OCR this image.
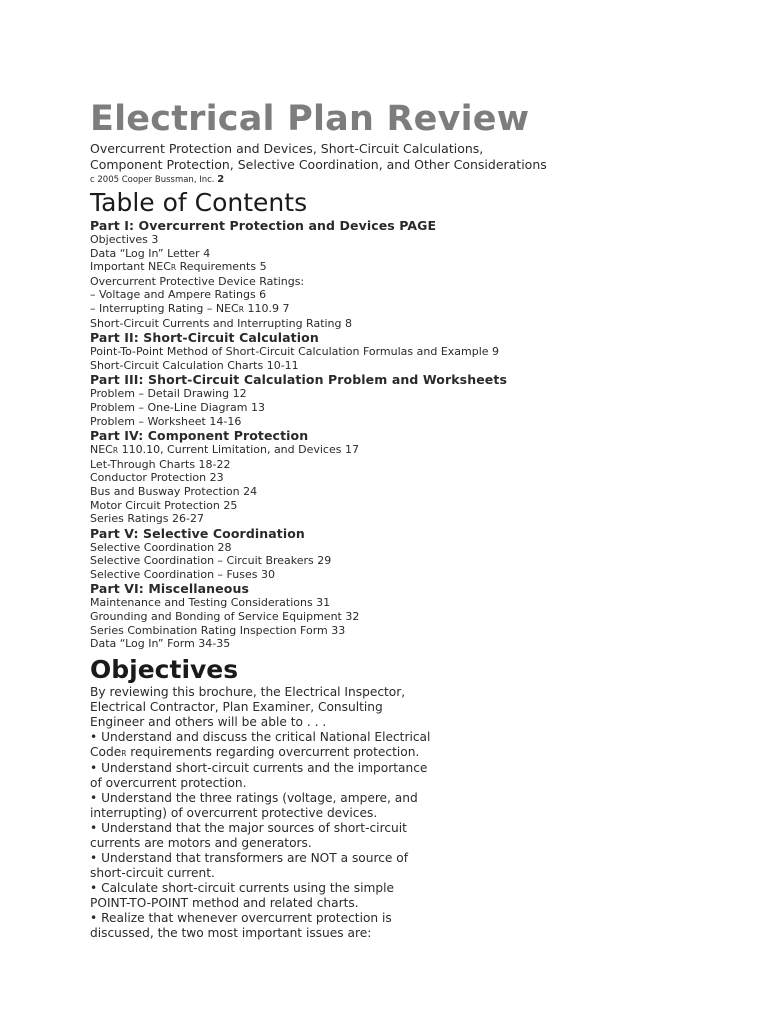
Electrical Plan Review
Overcurrent Protection and Devices, Short-Circuit Calculations,
Component Protection, Selective Coordination, and Other Considerations
c 2005 Cooper Bussman, Inc. 2
Table of Contents
Part I: Overcurrent Protection and Devices PAGE
Objectives 3
Data “Log In” Letter 4
Important NECR Requirements 5
Overcurrent Protective Device Ratings:
– Voltage and Ampere Ratings 6
– Interrupting Rating – NECR 110.9 7
Short-Circuit Currents and Interrupting Rating 8
Part II: Short-Circuit Calculation
Point-To-Point Method of Short-Circuit Calculation Formulas and Example 9
Short-Circuit Calculation Charts 10-11
Part III: Short-Circuit Calculation Problem and Worksheets
Problem – Detail Drawing 12
Problem – One-Line Diagram 13
Problem – Worksheet 14-16
Part IV: Component Protection
NECR 110.10, Current Limitation, and Devices 17
Let-Through Charts 18-22
Conductor Protection 23
Bus and Busway Protection 24
Motor Circuit Protection 25
Series Ratings 26-27
Part V: Selective Coordination
Selective Coordination 28
Selective Coordination – Circuit Breakers 29
Selective Coordination – Fuses 30
Part VI: Miscellaneous
Maintenance and Testing Considerations 31
Grounding and Bonding of Service Equipment 32
Series Combination Rating Inspection Form 33
Data “Log In” Form 34-35
Objectives
By reviewing this brochure, the Electrical Inspector,
Electrical Contractor, Plan Examiner, Consulting
Engineer and others will be able to . . .
• Understand and discuss the critical National Electrical
CodeR requirements regarding overcurrent protection.
• Understand short-circuit currents and the importance
of overcurrent protection.
• Understand the three ratings (voltage, ampere, and
interrupting) of overcurrent protective devices.
• Understand that the major sources of short-circuit
currents are motors and generators.
• Understand that transformers are NOT a source of
short-circuit current.
• Calculate short-circuit currents using the simple
POINT-TO-POINT method and related charts.
• Realize that whenever overcurrent protection is
discussed, the two most important issues are:
